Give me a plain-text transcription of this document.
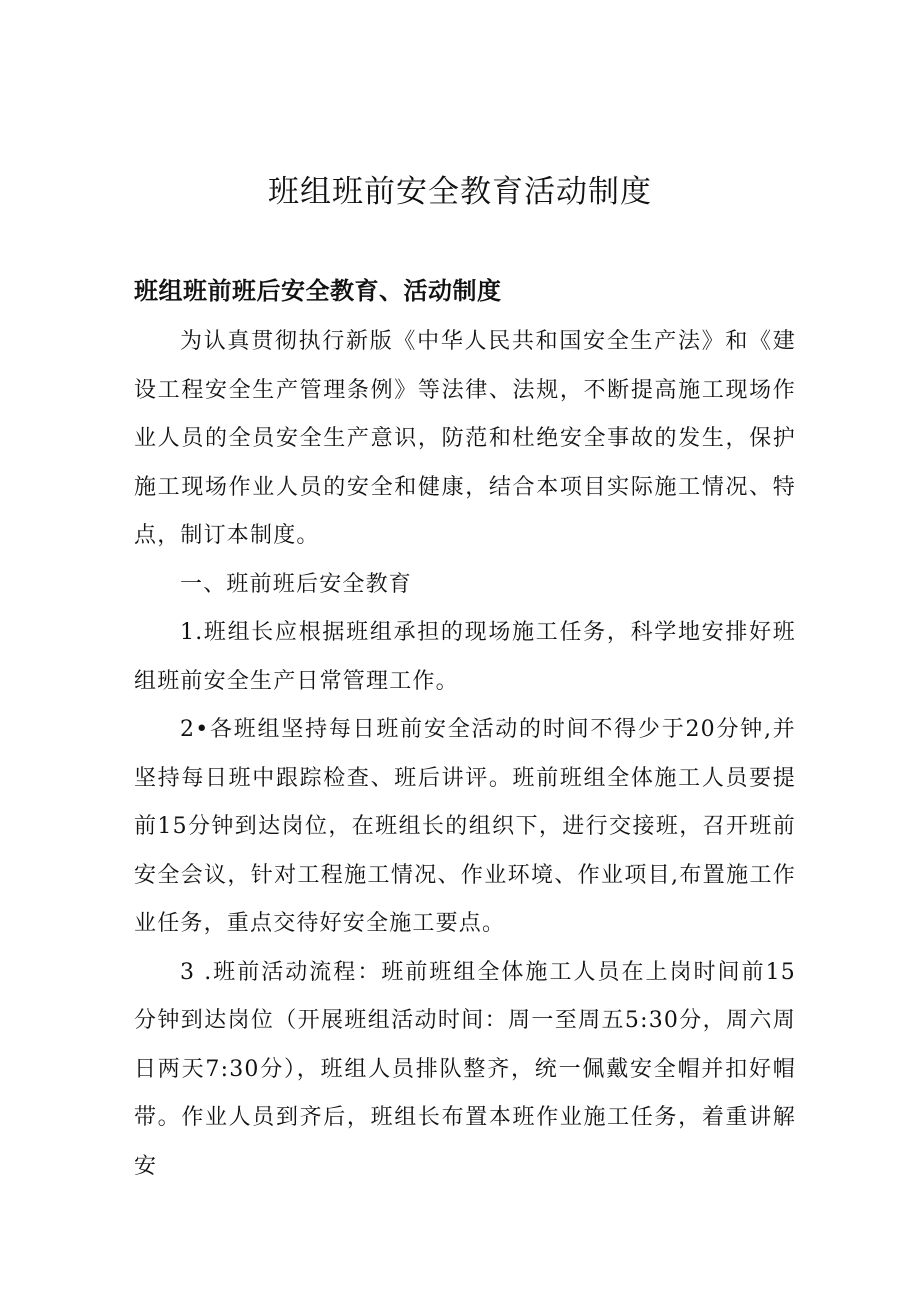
班组班前安全教育活动制度
班组班前班后安全教育、活动制度

为认真贯彻执行新版《中华人民共和国安全生产法》和《建设工程安全生产管理条例》等法律、法规，不断提高施工现场作业人员的全员安全生产意识，防范和杜绝安全事故的发生，保护施工现场作业人员的安全和健康，结合本项目实际施工情况、特点，制订本制度。

一、班前班后安全教育

1.班组长应根据班组承担的现场施工任务，科学地安排好班组班前安全生产日常管理工作。

2•各班组坚持每日班前安全活动的时间不得少于20分钟,并坚持每日班中跟踪检查、班后讲评。班前班组全体施工人员要提前15分钟到达岗位，在班组长的组织下，进行交接班，召开班前安全会议，针对工程施工情况、作业环境、作业项目,布置施工作业任务，重点交待好安全施工要点。

3 .班前活动流程：班前班组全体施工人员在上岗时间前15分钟到达岗位（开展班组活动时间：周一至周五5:30分，周六周日两天7:30分），班组人员排队整齐，统一佩戴安全帽并扣好帽带。作业人员到齐后，班组长布置本班作业施工任务，着重讲解安
